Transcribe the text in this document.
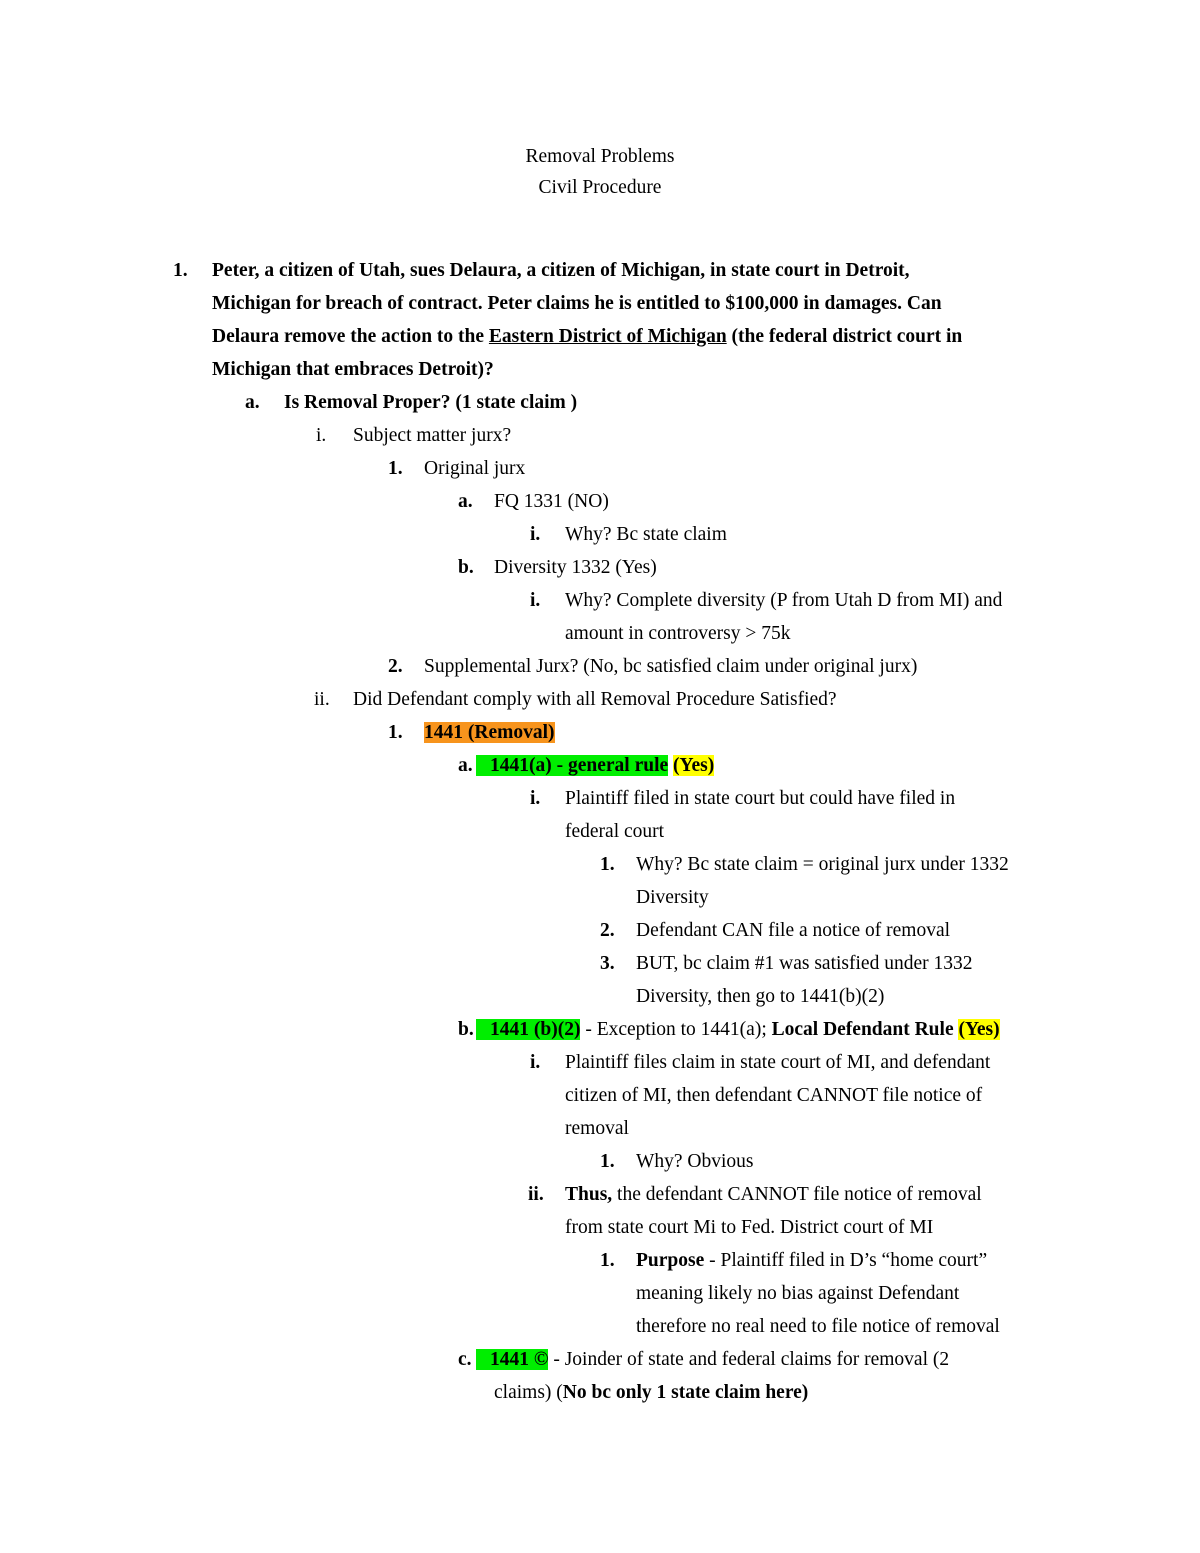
Removal Problems
Civil Procedure
1. Peter, a citizen of Utah, sues Delaura, a citizen of Michigan, in state court in Detroit,
Michigan for breach of contract. Peter claims he is entitled to $100,000 in damages. Can
Delaura remove the action to the Eastern District of Michigan (the federal district court in
Michigan that embraces Detroit)?
a. Is Removal Proper? (1 state claim )
i. Subject matter jurx?
1. Original jurx
a. FQ 1331 (NO)
i. Why? Bc state claim
b. Diversity 1332 (Yes)
i. Why? Complete diversity (P from Utah D from MI) and
amount in controversy > 75k
2. Supplemental Jurx? (No, bc satisfied claim under original jurx)
ii. Did Defendant comply with all Removal Procedure Satisfied?
1. 1441 (Removal)
a. 1441(a) - general rule (Yes)
i. Plaintiff filed in state court but could have filed in
federal court
1. Why? Bc state claim = original jurx under 1332
Diversity
2. Defendant CAN file a notice of removal
3. BUT, bc claim #1 was satisfied under 1332
Diversity, then go to 1441(b)(2)
b. 1441 (b)(2) - Exception to 1441(a); Local Defendant Rule (Yes)
i. Plaintiff files claim in state court of MI, and defendant
citizen of MI, then defendant CANNOT file notice of
removal
1. Why? Obvious
ii. Thus, the defendant CANNOT file notice of removal
from state court Mi to Fed. District court of MI
1. Purpose - Plaintiff filed in D’s “home court”
meaning likely no bias against Defendant
therefore no real need to file notice of removal
c. 1441 © - Joinder of state and federal claims for removal (2
claims) (No bc only 1 state claim here)
